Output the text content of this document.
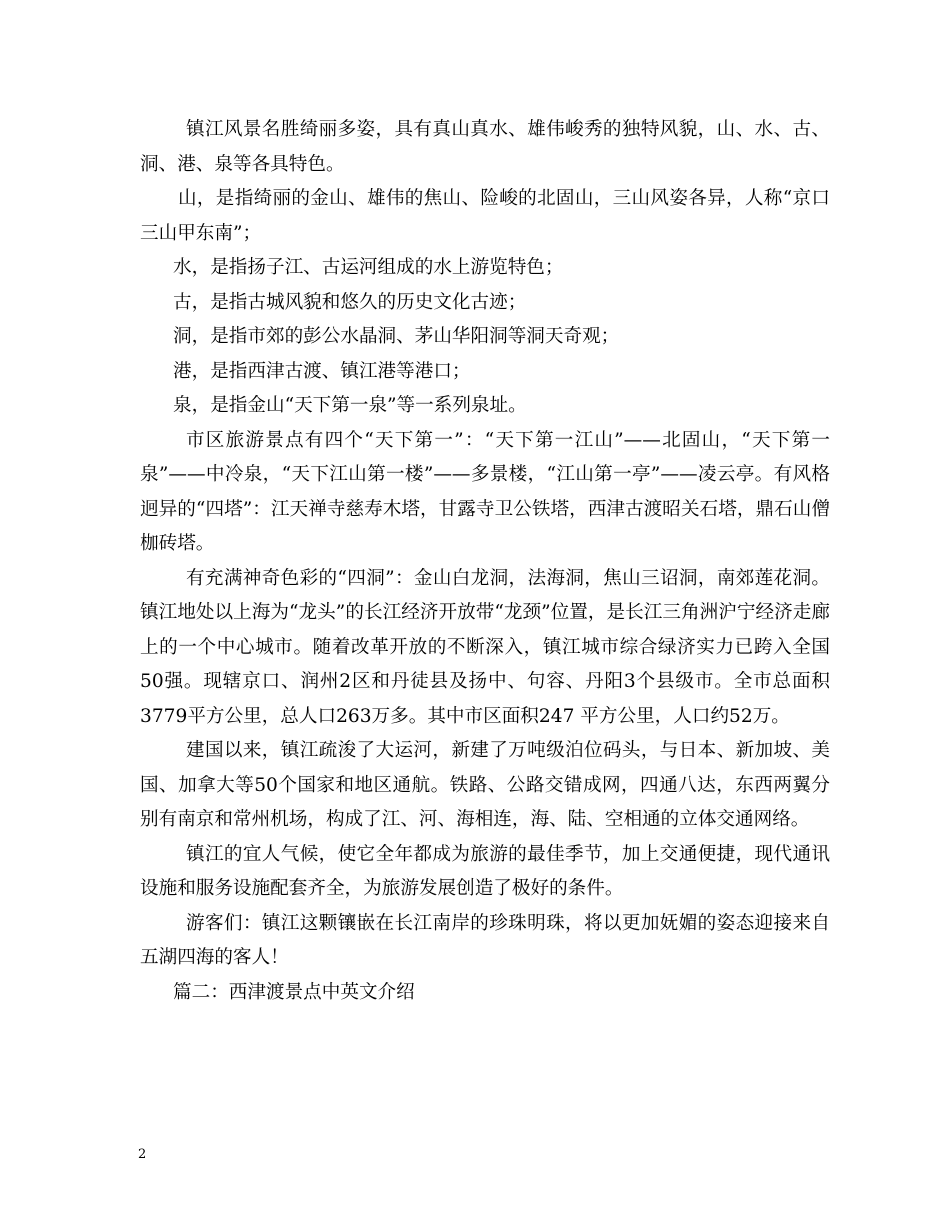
镇江风景名胜绮丽多姿，具有真山真水、雄伟峻秀的独特风貌，山、水、古、洞、港、泉等各具特色。

山，是指绮丽的金山、雄伟的焦山、险峻的北固山，三山风姿各异，人称“京口三山甲东南”；

水，是指扬子江、古运河组成的水上游览特色；

古，是指古城风貌和悠久的历史文化古迹；

洞，是指市郊的彭公水晶洞、茅山华阳洞等洞天奇观；

港，是指西津古渡、镇江港等港口；

泉，是指金山“天下第一泉”等一系列泉址。

市区旅游景点有四个“天下第一”：“天下第一江山”——北固山，“天下第一泉”——中冷泉，“天下江山第一楼”——多景楼，“江山第一亭”——凌云亭。有风格迥异的“四塔”：江天禅寺慈寿木塔，甘露寺卫公铁塔，西津古渡昭关石塔，鼎石山僧枷砖塔。

有充满神奇色彩的“四洞”：金山白龙洞，法海洞，焦山三诏洞，南郊莲花洞。镇江地处以上海为“龙头”的长江经济开放带“龙颈”位置，是长江三角洲沪宁经济走廊上的一个中心城市。随着改革开放的不断深入，镇江城市综合绿济实力已跨入全国50强。现辖京口、润州2区和丹徒县及扬中、句容、丹阳3个县级市。全市总面积3779平方公里，总人口263万多。其中市区面积247 平方公里，人口约52万。

建国以来，镇江疏浚了大运河，新建了万吨级泊位码头，与日本、新加坡、美国、加拿大等50个国家和地区通航。铁路、公路交错成网，四通八达，东西两翼分别有南京和常州机场，构成了江、河、海相连，海、陆、空相通的立体交通网络。

镇江的宜人气候，使它全年都成为旅游的最佳季节，加上交通便捷，现代通讯设施和服务设施配套齐全，为旅游发展创造了极好的条件。

游客们：镇江这颗镶嵌在长江南岸的珍珠明珠，将以更加妩媚的姿态迎接来自五湖四海的客人！

篇二：西津渡景点中英文介绍

2
